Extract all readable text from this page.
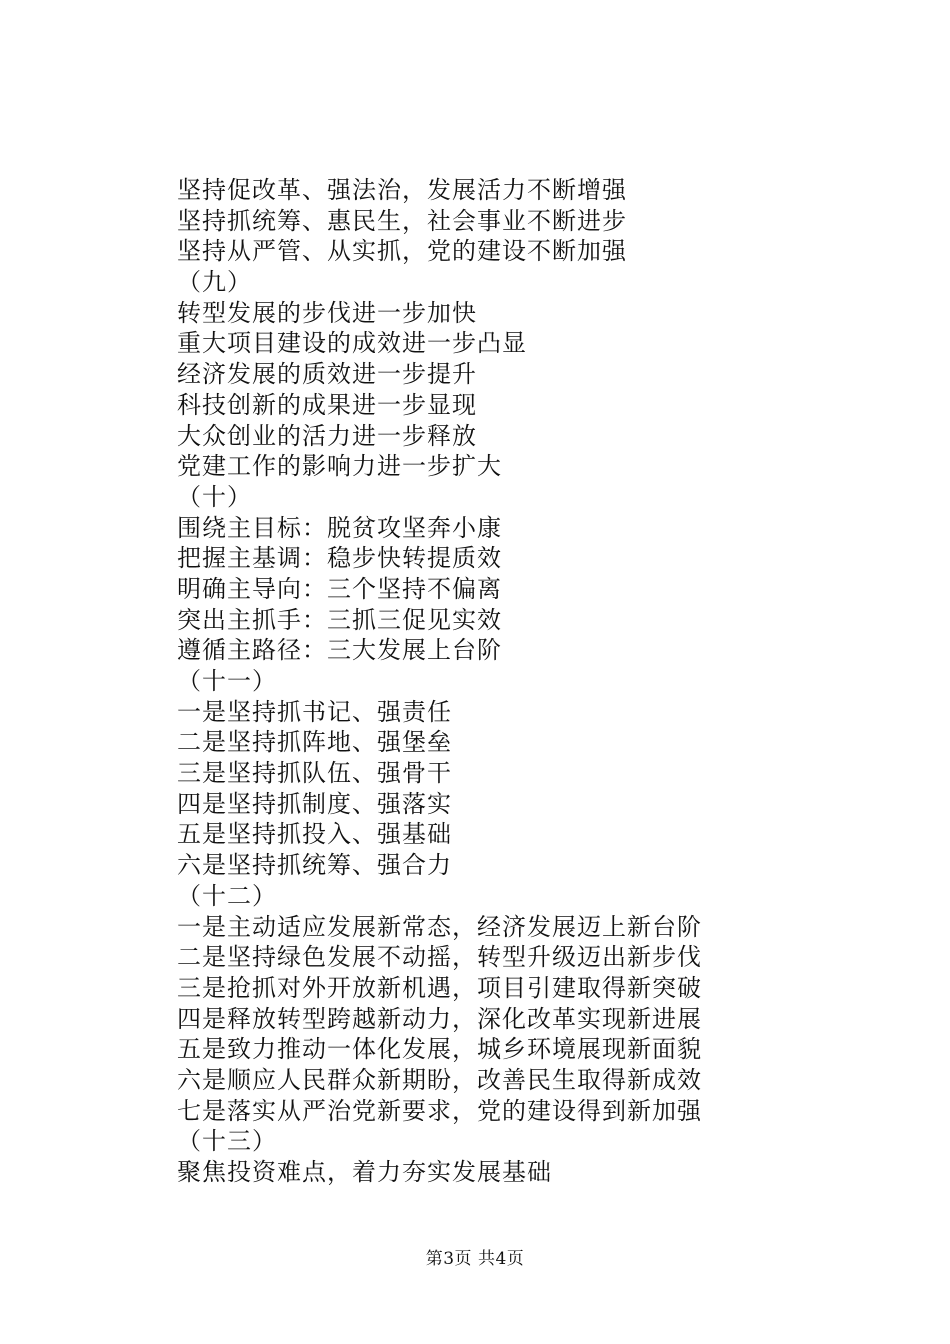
坚持促改革、强法治，发展活力不断增强
坚持抓统筹、惠民生，社会事业不断进步
坚持从严管、从实抓，党的建设不断加强
（九）
转型发展的步伐进一步加快
重大项目建设的成效进一步凸显
经济发展的质效进一步提升
科技创新的成果进一步显现
大众创业的活力进一步释放
党建工作的影响力进一步扩大
（十）
围绕主目标：脱贫攻坚奔小康
把握主基调：稳步快转提质效
明确主导向：三个坚持不偏离
突出主抓手：三抓三促见实效
遵循主路径：三大发展上台阶
（十一）
一是坚持抓书记、强责任
二是坚持抓阵地、强堡垒
三是坚持抓队伍、强骨干
四是坚持抓制度、强落实
五是坚持抓投入、强基础
六是坚持抓统筹、强合力
（十二）
一是主动适应发展新常态，经济发展迈上新台阶
二是坚持绿色发展不动摇，转型升级迈出新步伐
三是抢抓对外开放新机遇，项目引建取得新突破
四是释放转型跨越新动力，深化改革实现新进展
五是致力推动一体化发展，城乡环境展现新面貌
六是顺应人民群众新期盼，改善民生取得新成效
七是落实从严治党新要求，党的建设得到新加强
（十三）
聚焦投资难点，着力夯实发展基础
第3页 共4页
